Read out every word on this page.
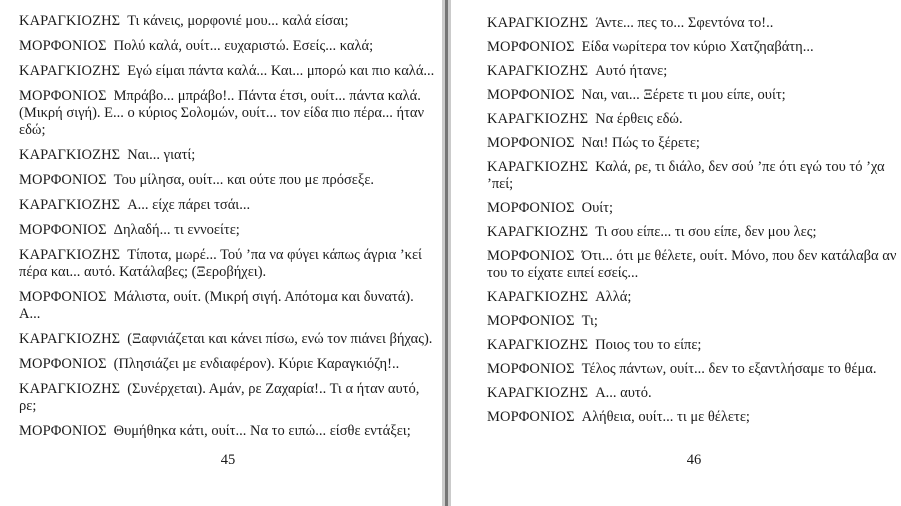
ΚΑΡΑΓΚΙΟΖΗΣ Τι κάνεις, μορφονιέ μου... καλά είσαι;

ΜΟΡΦΟΝΙΟΣ Πολύ καλά, ουίτ... ευχαριστώ. Εσείς... καλά;

ΚΑΡΑΓΚΙΟΖΗΣ Εγώ είμαι πάντα καλά... Και... μπορώ και πιο καλά...

ΜΟΡΦΟΝΙΟΣ Μπράβο... μπράβο!.. Πάντα έτσι, ουίτ... πάντα καλά. (Μικρή σιγή). Ε... ο κύριος Σολομών, ουίτ... τον είδα πιο πέρα... ήταν εδώ;

ΚΑΡΑΓΚΙΟΖΗΣ Ναι... γιατί;

ΜΟΡΦΟΝΙΟΣ Του μίλησα, ουίτ... και ούτε που με πρόσεξε.

ΚΑΡΑΓΚΙΟΖΗΣ Α... είχε πάρει τσάι...

ΜΟΡΦΟΝΙΟΣ Δηλαδή... τι εννοείτε;

ΚΑΡΑΓΚΙΟΖΗΣ Τίποτα, μωρέ... Τού ’πα να φύγει κάπως άγρια ’κεί πέρα και... αυτό. Κατάλαβες; (Ξεροβήχει).

ΜΟΡΦΟΝΙΟΣ Μάλιστα, ουίτ. (Μικρή σιγή. Απότομα και δυνατά). Α...

ΚΑΡΑΓΚΙΟΖΗΣ (Ξαφνιάζεται και κάνει πίσω, ενώ τον πιάνει βήχας).

ΜΟΡΦΟΝΙΟΣ (Πλησιάζει με ενδιαφέρον). Κύριε Καραγκιόζη!..

ΚΑΡΑΓΚΙΟΖΗΣ (Συνέρχεται). Αμάν, ρε Ζαχαρία!.. Τι α ήταν αυτό, ρε;

ΜΟΡΦΟΝΙΟΣ Θυμήθηκα κάτι, ουίτ... Να το ειπώ... είσθε εντάξει;

ΚΑΡΑΓΚΙΟΖΗΣ Άντε... πες το... Σφεντόνα το!..

ΜΟΡΦΟΝΙΟΣ Είδα νωρίτερα τον κύριο Χατζηαβάτη...

ΚΑΡΑΓΚΙΟΖΗΣ Αυτό ήτανε;

ΜΟΡΦΟΝΙΟΣ Ναι, ναι... Ξέρετε τι μου είπε, ουίτ;

ΚΑΡΑΓΚΙΟΖΗΣ Να έρθεις εδώ.

ΜΟΡΦΟΝΙΟΣ Ναι! Πώς το ξέρετε;

ΚΑΡΑΓΚΙΟΖΗΣ Καλά, ρε, τι διάλο, δεν σού ’πε ότι εγώ του τό ’χα ’πεί;

ΜΟΡΦΟΝΙΟΣ Ουίτ;

ΚΑΡΑΓΚΙΟΖΗΣ Τι σου είπε... τι σου είπε, δεν μου λες;

ΜΟΡΦΟΝΙΟΣ Ότι... ότι με θέλετε, ουίτ. Μόνο, που δεν κατάλαβα αν του το είχατε ειπεί εσείς...

ΚΑΡΑΓΚΙΟΖΗΣ Αλλά;

ΜΟΡΦΟΝΙΟΣ Τι;

ΚΑΡΑΓΚΙΟΖΗΣ Ποιος του το είπε;

ΜΟΡΦΟΝΙΟΣ Τέλος πάντων, ουίτ... δεν το εξαντλήσαμε το θέμα.

ΚΑΡΑΓΚΙΟΖΗΣ Α... αυτό.

ΜΟΡΦΟΝΙΟΣ Αλήθεια, ουίτ... τι με θέλετε;

45	46
